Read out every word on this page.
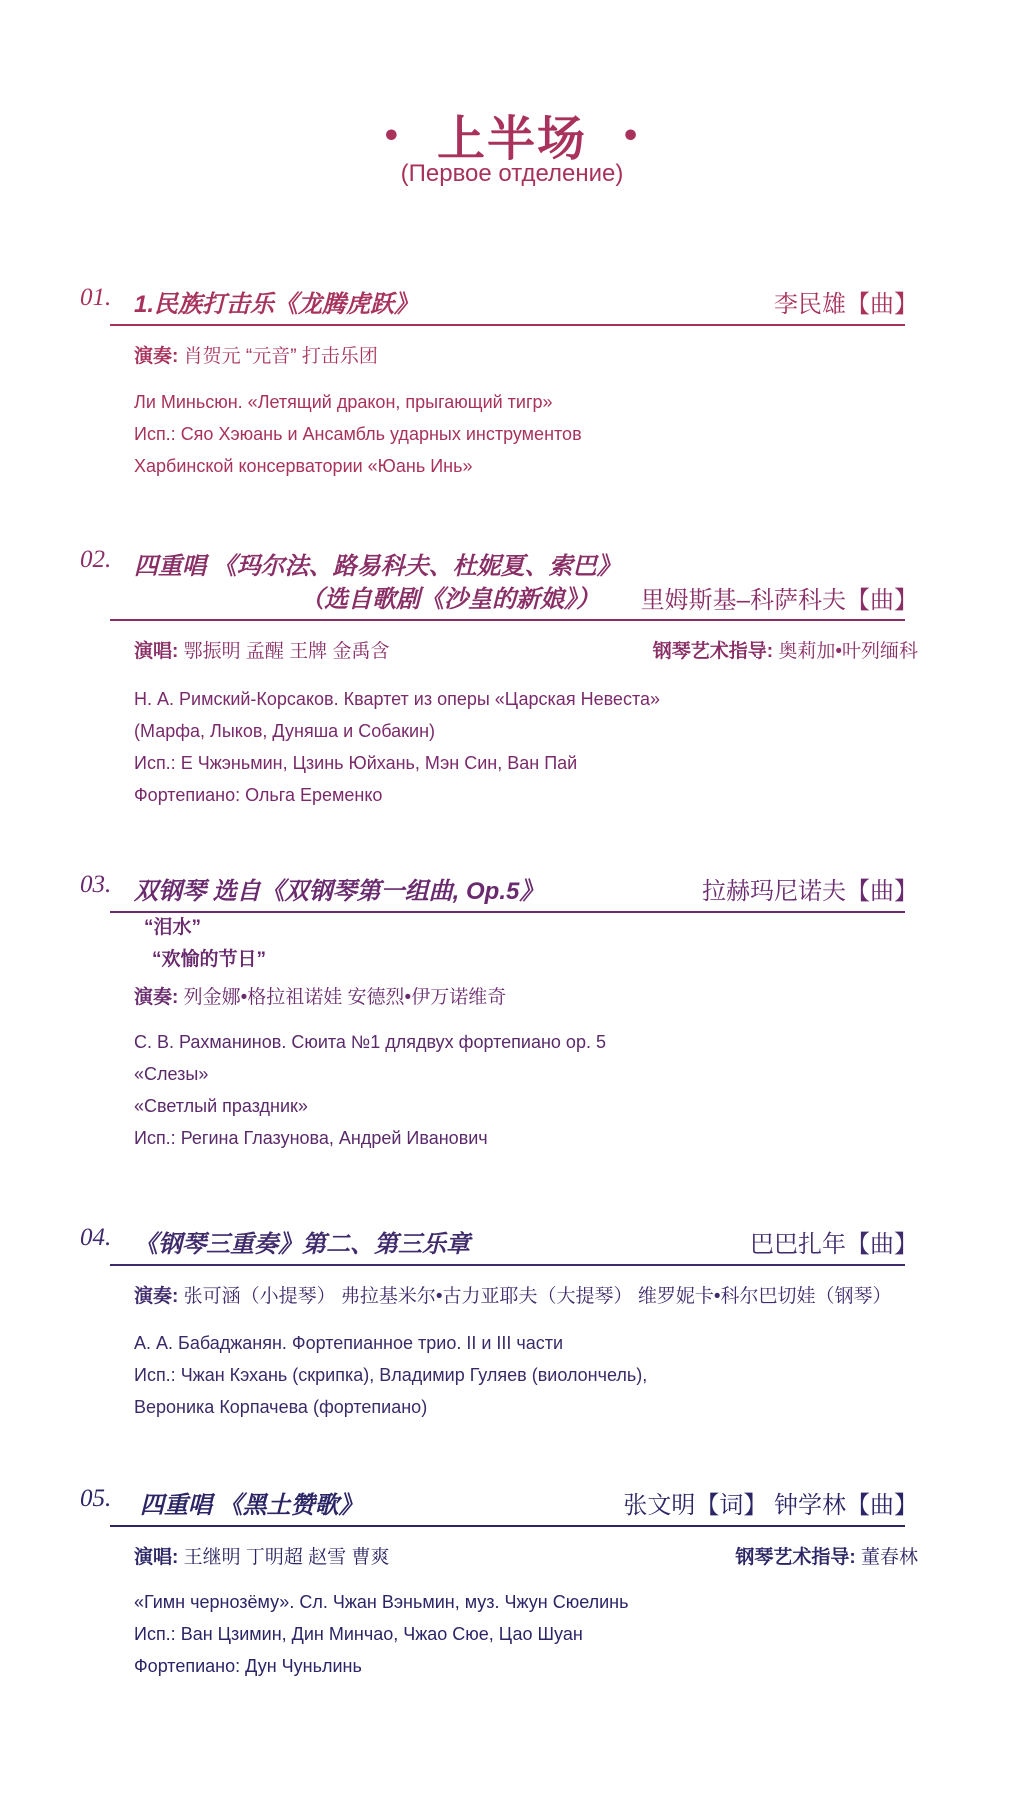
• 上半场 •
(Первое отделение)
01. 1.民族打击乐《龙腾虎跃》	李民雄【曲】
演奏: 肖贺元 “元音” 打击乐团
Ли Миньсюн. «Летящий дракон, прыгающий тигр»
Исп.: Сяо Хэюань и Ансамбль ударных инструментов
Харбинской консерватории «Юань Инь»
02. 四重唱 《玛尔法、路易科夫、杜妮夏、索巴》
（选自歌剧《沙皇的新娘》） 里姆斯基–科萨科夫【曲】
演唱: 鄂振明 孟醒 王牌 金禹含	钢琴艺术指导: 奥莉加•叶列缅科
Н. А. Римский-Корсаков. Квартет из оперы «Царская Невеста»
(Марфа, Лыков, Дуняша и Собакин)
Исп.: Е Чжэньмин, Цзинь Юйхань, Мэн Син, Ван Пай
Фортепиано: Ольга Еременко
03. 双钢琴 选自《双钢琴第一组曲, Op.5》	拉赫玛尼诺夫【曲】
“泪水”
“欢愉的节日”
演奏: 列金娜•格拉祖诺娃 安德烈•伊万诺维奇
С. В. Рахманинов. Сюита №1 длядвух фортепиано ор. 5
«Слезы»
«Светлый праздник»
Исп.: Регина Глазунова, Андрей Иванович
04. 《钢琴三重奏》第二、第三乐章	巴巴扎年【曲】
演奏: 张可涵（小提琴） 弗拉基米尔•古力亚耶夫（大提琴） 维罗妮卡•科尔巴切娃（钢琴）
А. А. Бабаджанян. Фортепианное трио. II и III части
Исп.: Чжан Кэхань (скрипка), Владимир Гуляев (виолончель),
Вероника Корпачева (фортепиано)
05. 四重唱 《黑土赞歌》	张文明【词】 钟学林【曲】
演唱: 王继明 丁明超 赵雪 曹爽	钢琴艺术指导: 董春林
«Гимн чернозёму». Сл. Чжан Вэньмин, муз. Чжун Сюелинь
Исп.: Ван Цзимин, Дин Минчао, Чжао Сюе, Цао Шуан
Фортепиано: Дун Чуньлинь
